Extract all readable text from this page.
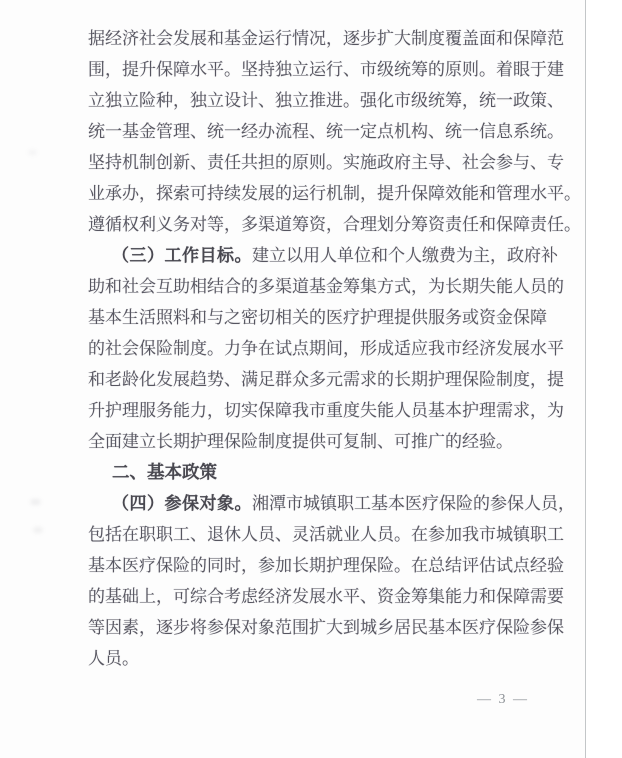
据经济社会发展和基金运行情况，逐步扩大制度覆盖面和保障范
围，提升保障水平。坚持独立运行、市级统筹的原则。着眼于建
立独立险种，独立设计、独立推进。强化市级统筹，统一政策、
统一基金管理、统一经办流程、统一定点机构、统一信息系统。
坚持机制创新、责任共担的原则。实施政府主导、社会参与、专
业承办，探索可持续发展的运行机制，提升保障效能和管理水平。
遵循权利义务对等，多渠道筹资，合理划分筹资责任和保障责任。
（三）工作目标。建立以用人单位和个人缴费为主，政府补
助和社会互助相结合的多渠道基金筹集方式，为长期失能人员的
基本生活照料和与之密切相关的医疗护理提供服务或资金保障
的社会保险制度。力争在试点期间，形成适应我市经济发展水平
和老龄化发展趋势、满足群众多元需求的长期护理保险制度，提
升护理服务能力，切实保障我市重度失能人员基本护理需求，为
全面建立长期护理保险制度提供可复制、可推广的经验。
二、基本政策
（四）参保对象。湘潭市城镇职工基本医疗保险的参保人员，
包括在职职工、退休人员、灵活就业人员。在参加我市城镇职工
基本医疗保险的同时，参加长期护理保险。在总结评估试点经验
的基础上，可综合考虑经济发展水平、资金筹集能力和保障需要
等因素，逐步将参保对象范围扩大到城乡居民基本医疗保险参保
人员。
— 3 —
